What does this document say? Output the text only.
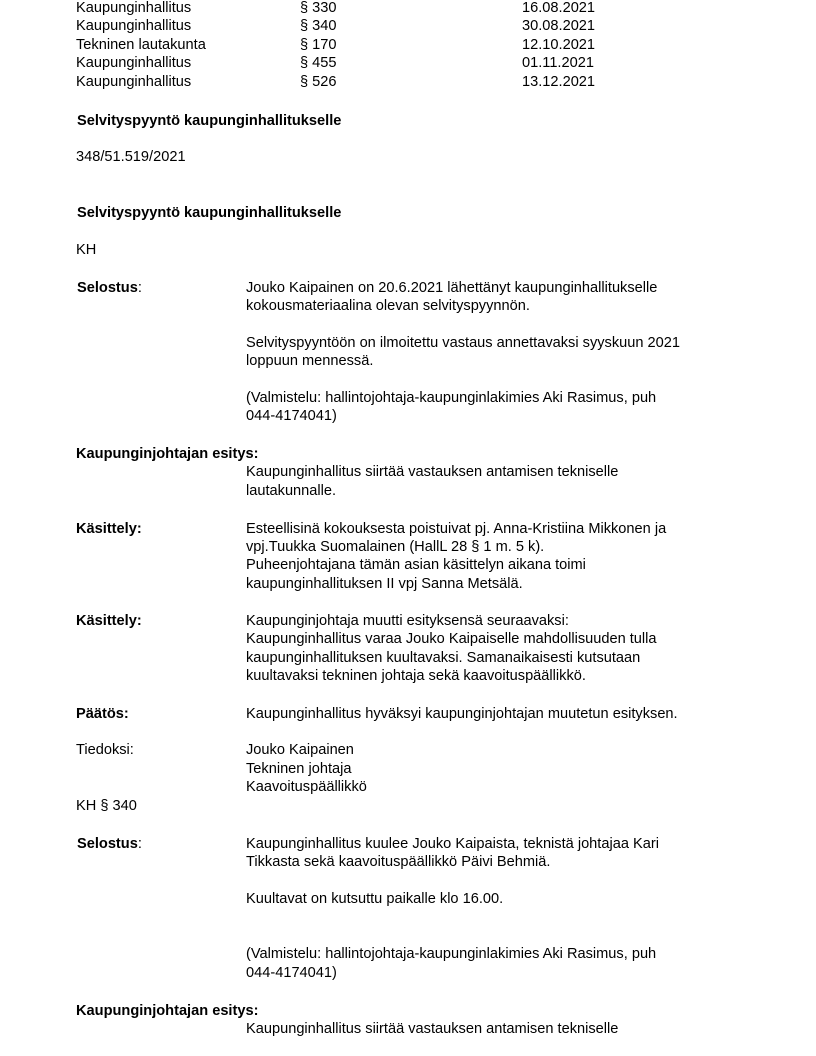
Kaupunginhallitus	§ 330	16.08.2021
Kaupunginhallitus	§ 340	30.08.2021
Tekninen lautakunta	§ 170	12.10.2021
Kaupunginhallitus	§ 455	01.11.2021
Kaupunginhallitus	§ 526	13.12.2021
Selvityspyyntö kaupunginhallitukselle
348/51.519/2021
Selvityspyyntö kaupunginhallitukselle
KH
Selostus:	Jouko Kaipainen on 20.6.2021 lähettänyt kaupunginhallitukselle
kokousmateriaalina olevan selvityspyynnön.
Selvityspyyntöön on ilmoitettu vastaus annettavaksi syyskuun 2021
loppuun mennessä.
(Valmistelu: hallintojohtaja-kaupunginlakimies Aki Rasimus, puh
044-4174041)
Kaupunginjohtajan esitys:
Kaupunginhallitus siirtää vastauksen antamisen tekniselle
lautakunnalle.
Käsittely:	Esteellisinä kokouksesta poistuivat pj. Anna-Kristiina Mikkonen ja
vpj.Tuukka Suomalainen (HallL 28 § 1 m. 5 k).
Puheenjohtajana tämän asian käsittelyn aikana toimi
kaupunginhallituksen II vpj Sanna Metsälä.
Käsittely:	Kaupunginjohtaja muutti esityksensä seuraavaksi:
Kaupunginhallitus varaa Jouko Kaipaiselle mahdollisuuden tulla
kaupunginhallituksen kuultavaksi. Samanaikaisesti kutsutaan
kuultavaksi tekninen johtaja sekä kaavoituspäällikkö.
Päätös:	Kaupunginhallitus hyväksyi kaupunginjohtajan muutetun esityksen.
Tiedoksi:	Jouko Kaipainen
Tekninen johtaja
Kaavoituspäällikkö
KH § 340
Selostus:	Kaupunginhallitus kuulee Jouko Kaipaista, teknistä johtajaa Kari
Tikkasta sekä kaavoituspäällikkö Päivi Behmiä.
Kuultavat on kutsuttu paikalle klo 16.00.
(Valmistelu: hallintojohtaja-kaupunginlakimies Aki Rasimus, puh
044-4174041)
Kaupunginjohtajan esitys:
Kaupunginhallitus siirtää vastauksen antamisen tekniselle
